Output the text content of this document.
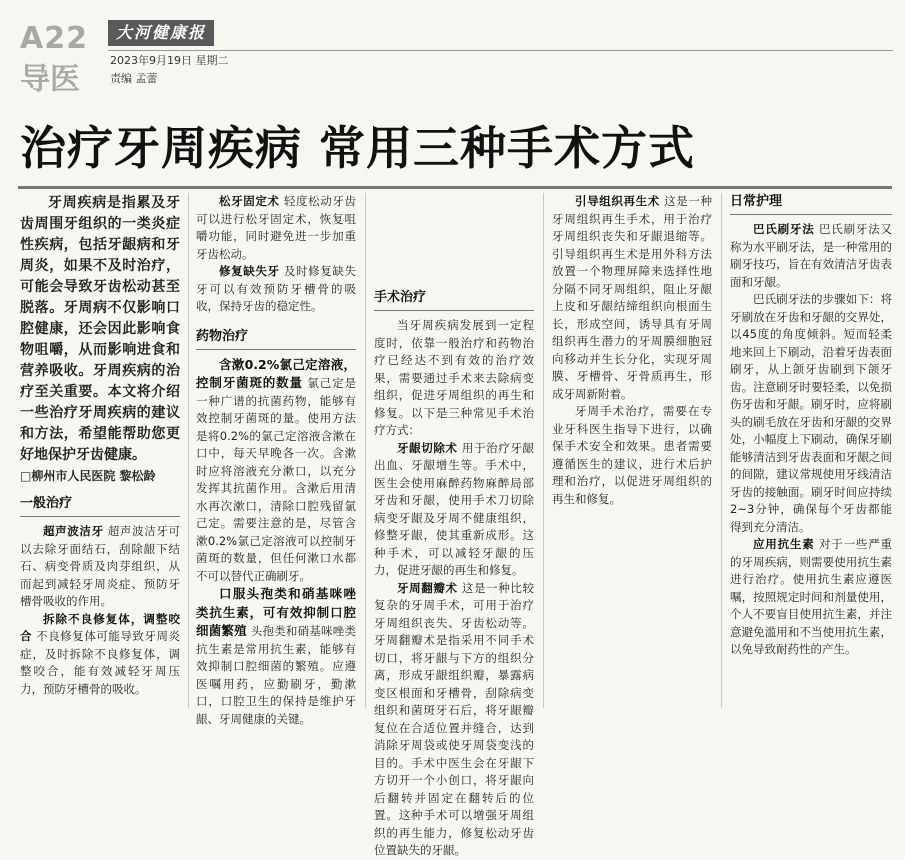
A22
导医
大河健康报
2023年9月19日 星期二
责编 孟蕾
治疗牙周疾病 常用三种手术方式

牙周疾病是指累及牙齿周围牙组织的一类炎症性疾病，包括牙龈病和牙周炎，如果不及时治疗，可能会导致牙齿松动甚至脱落。牙周病不仅影响口腔健康，还会因此影响食物咀嚼，从而影响进食和营养吸收。牙周疾病的治疗至关重要。本文将介绍一些治疗牙周疾病的建议和方法，希望能帮助您更好地保护牙齿健康。

□柳州市人民医院 黎松龄

一般治疗

超声波洁牙 超声波洁牙可以去除牙面结石，刮除龈下结石、病变骨质及肉芽组织，从而起到减轻牙周炎症、预防牙槽骨吸收的作用。

拆除不良修复体，调整咬合 不良修复体可能导致牙周炎症，及时拆除不良修复体，调整咬合，能有效减轻牙周压力，预防牙槽骨的吸收。

松牙固定术 轻度松动牙齿可以进行松牙固定术，恢复咀嚼功能，同时避免进一步加重牙齿松动。

修复缺失牙 及时修复缺失牙可以有效预防牙槽骨的吸收，保持牙齿的稳定性。

药物治疗

含漱0.2%氯己定溶液，控制牙菌斑的数量 氯己定是一种广谱的抗菌药物，能够有效控制牙菌斑的量。使用方法是将0.2%的氯己定溶液含漱在口中，每天早晚各一次。含漱时应将溶液充分漱口，以充分发挥其抗菌作用。含漱后用清水再次漱口，清除口腔残留氯己定。需要注意的是，尽管含漱0.2%氯己定溶液可以控制牙菌斑的数量，但任何漱口水都不可以替代正确刷牙。

口服头孢类和硝基咪唑类抗生素，可有效抑制口腔细菌繁殖 头孢类和硝基咪唑类抗生素是常用抗生素，能够有效抑制口腔细菌的繁殖。应遵医嘱用药，应勤刷牙，勤漱口，口腔卫生的保持是维护牙龈、牙周健康的关键。

手术治疗

当牙周疾病发展到一定程度时，依靠一般治疗和药物治疗已经达不到有效的治疗效果，需要通过手术来去除病变组织，促进牙周组织的再生和修复。以下是三种常见手术治疗方式：

牙龈切除术 用于治疗牙龈出血、牙龈增生等。手术中，医生会使用麻醉药物麻醉局部牙齿和牙龈，使用手术刀切除病变牙龈及牙周不健康组织，修整牙龈，使其重新成形。这种手术，可以减轻牙龈的压力，促进牙龈的再生和修复。

牙周翻瓣术 这是一种比较复杂的牙周手术，可用于治疗牙周组织丧失、牙齿松动等。牙周翻瓣术是指采用不同手术切口，将牙龈与下方的组织分离，形成牙龈组织瓣，暴露病变区根面和牙槽骨，刮除病变组织和菌斑牙石后，将牙龈瓣复位在合适位置并缝合，达到消除牙周袋或使牙周袋变浅的目的。手术中医生会在牙龈下方切开一个小创口，将牙龈向后翻转并固定在翻转后的位置。这种手术可以增强牙周组织的再生能力，修复松动牙齿位置缺失的牙龈。

引导组织再生术 这是一种牙周组织再生手术，用于治疗牙周组织丧失和牙龈退缩等。引导组织再生术是用外科方法放置一个物理屏障来选择性地分隔不同牙周组织，阻止牙龈上皮和牙龈结缔组织向根面生长，形成空间，诱导具有牙周组织再生潜力的牙周膜细胞冠向移动并生长分化，实现牙周膜、牙槽骨、牙骨质再生，形成牙周新附着。

牙周手术治疗，需要在专业牙科医生指导下进行，以确保手术安全和效果。患者需要遵循医生的建议，进行术后护理和治疗，以促进牙周组织的再生和修复。

日常护理

巴氏刷牙法 巴氏刷牙法又称为水平刷牙法，是一种常用的刷牙技巧，旨在有效清洁牙齿表面和牙龈。

巴氏刷牙法的步骤如下：将牙刷放在牙齿和牙龈的交界处，以45度的角度倾斜。短而轻柔地来回上下刷动，沿着牙齿表面刷牙，从上颌牙齿刷到下颌牙齿。注意刷牙时要轻柔，以免损伤牙齿和牙龈。刷牙时，应将刷头的刷毛放在牙齿和牙龈的交界处，小幅度上下刷动，确保牙刷能够清洁到牙齿表面和牙龈之间的间隙，建议常规使用牙线清洁牙齿的接触面。刷牙时间应持续2~3分钟，确保每个牙齿都能得到充分清洁。

应用抗生素 对于一些严重的牙周疾病，则需要使用抗生素进行治疗。使用抗生素应遵医嘱，按照规定时间和剂量使用，个人不要盲目使用抗生素，并注意避免滥用和不当使用抗生素，以免导致耐药性的产生。
